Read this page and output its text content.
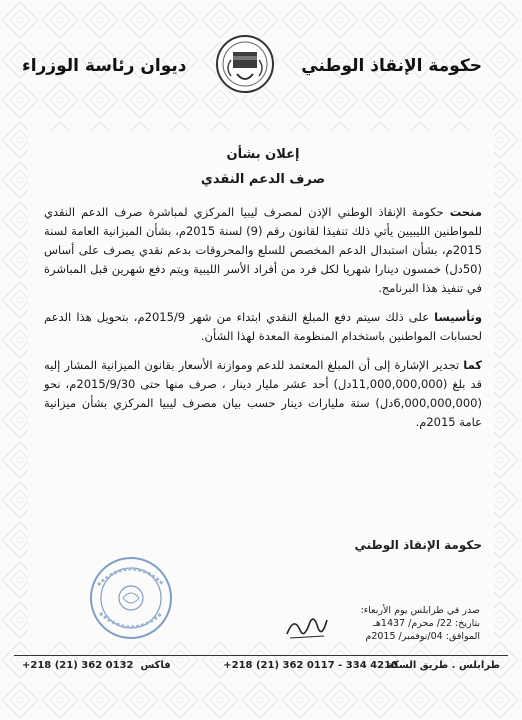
حكومة الإنقاذ الوطني
ديوان رئاسة الوزراء

إعلان بشأن

صرف الدعم النقدي

منحت حكومة الإنقاذ الوطني الإذن لمصرف ليبيا المركزي لمباشرة صرف الدعم النقدي للمواطنين الليبيين يأتي ذلك تنفيذا لقانون رقم (9) لسنة 2015م، بشأن الميزانية العامة لسنة 2015م، بشأن استبدال الدعم المخصص للسلع والمحروقات بدعم نقدي يصرف على أساس (50دل) خمسون دينارا شهريا لكل فرد من أفراد الأسر الليبية ويتم دفع شهرين قبل المباشرة في تنفيذ هذا البرنامج.

وتأسيسا على ذلك سيتم دفع المبلغ النقدي ابتداء من شهر 2015/9م، بتحويل هذا الدعم لحسابات المواطنين باستخدام المنظومة المعدة لهذا الشأن.

كما تجدير الإشارة إلى أن المبلغ المعتمد للدعم وموازنة الأسعار بقانون الميزانية المشار إليه قد بلغ (11,000,000,000دل) أحد عشر مليار دينار ، صرف منها حتى 2015/9/30م، نحو (6,000,000,000دل) ستة مليارات دينار حسب بيان مصرف ليبيا المركزي بشأن ميزانية عامة 2015م.

حكومة الإنقاذ الوطني
صدر في طرابلس يوم الأربعاء:
بتاريخ: 22/ محرم/ 1437هـ
الموافق: 04/نوفمبر/ 2015م
طرابلس . طريق السكة
+218 (21) 362 0117 - 334 4210
+218 (21) 362 0132 فاكس
